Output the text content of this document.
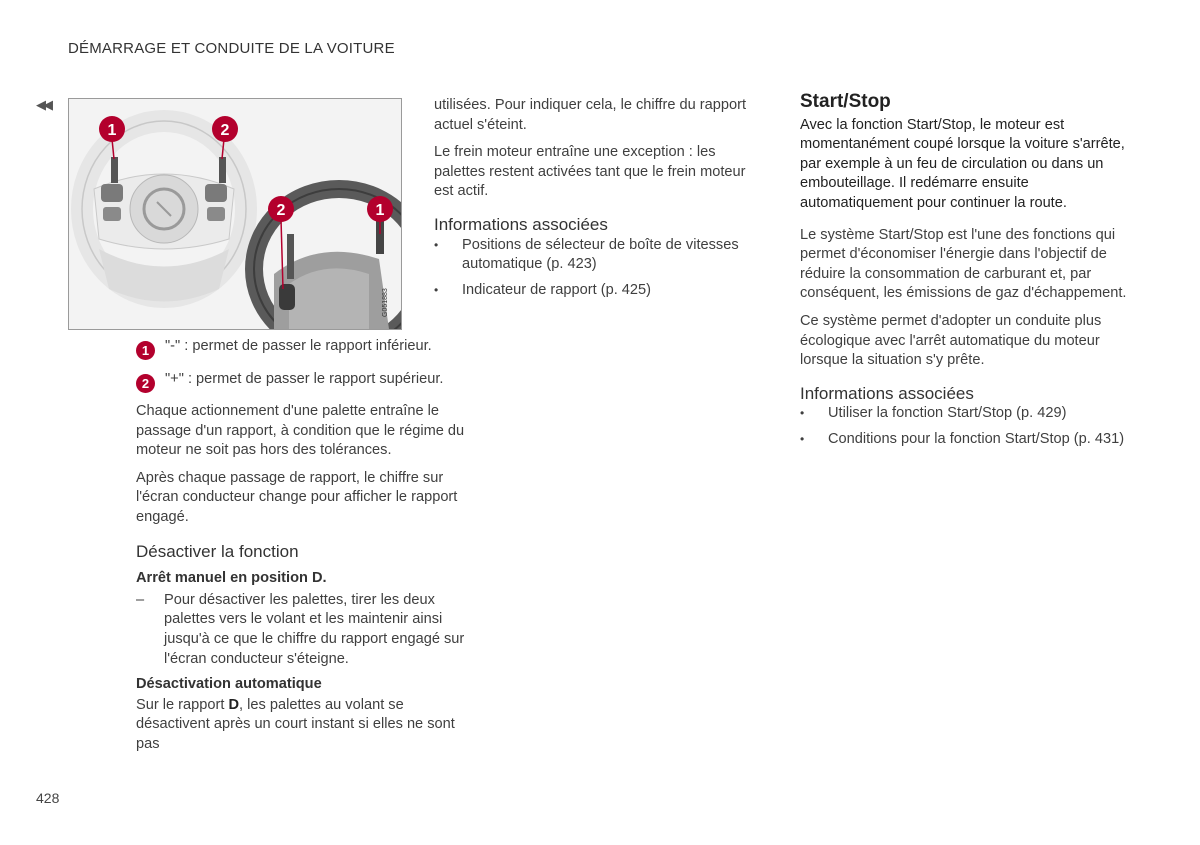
DÉMARRAGE ET CONDUITE DE LA VOITURE
◀◀
1	2
2	1
G051883
1	"-" : permet de passer le rapport inférieur.
2	"+" : permet de passer le rapport supérieur.

Chaque actionnement d'une palette entraîne le passage d'un rapport, à condition que le régime du moteur ne soit pas hors des tolérances.

Après chaque passage de rapport, le chiffre sur l'écran conducteur change pour afficher le rapport engagé.

Désactiver la fonction
Arrêt manuel en position D.
–	Pour désactiver les palettes, tirer les deux palettes vers le volant et les maintenir ainsi jusqu'à ce que le chiffre du rapport engagé sur l'écran conducteur s'éteigne.
Désactivation automatique

Sur le rapport D, les palettes au volant se désactivent après un court instant si elles ne sont pas

utilisées. Pour indiquer cela, le chiffre du rapport actuel s'éteint.

Le frein moteur entraîne une exception : les palettes restent activées tant que le frein moteur est actif.

Informations associées
•	Positions de sélecteur de boîte de vitesses automatique (p. 423)
•	Indicateur de rapport (p. 425)
Start/Stop

Avec la fonction Start/Stop, le moteur est momentanément coupé lorsque la voiture s'arrête, par exemple à un feu de circulation ou dans un embouteillage. Il redémarre ensuite automatiquement pour continuer la route.

Le système Start/Stop est l'une des fonctions qui permet d'économiser l'énergie dans l'objectif de réduire la consommation de carburant et, par conséquent, les émissions de gaz d'échappement.

Ce système permet d'adopter un conduite plus écologique avec l'arrêt automatique du moteur lorsque la situation s'y prête.

Informations associées
•	Utiliser la fonction Start/Stop (p. 429)
•	Conditions pour la fonction Start/Stop (p. 431)
428
